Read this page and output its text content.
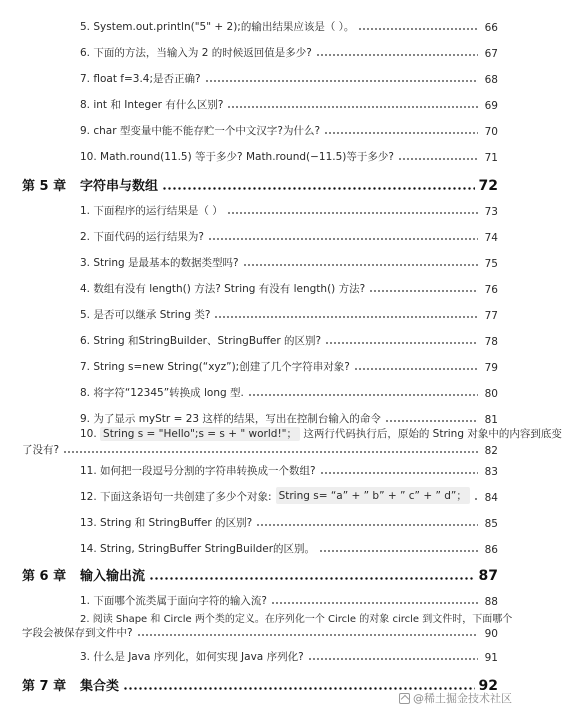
5. System.out.println("5" + 2);的输出结果应该是（ ）。	66
6. 下面的方法，当输入为 2 的时候返回值是多少?	67
7. float f=3.4;是否正确?	68
8. int 和 Integer 有什么区别?	69
9. char 型变量中能不能存贮一个中文汉字?为什么?	70
10. Math.round(11.5) 等于多少? Math.round(−11.5)等于多少?	71
第 5 章	字符串与数组	72
1. 下面程序的运行结果是（ ）	73
2. 下面代码的运行结果为?	74
3. String 是最基本的数据类型吗?	75
4. 数组有没有 length() 方法? String 有没有 length() 方法?	76
5. 是否可以继承 String 类?	77
6. String 和StringBuilder、StringBuffer 的区别?	78
7. String s=new String(“xyz”);创建了几个字符串对象?	79
8. 将字符“12345”转换成 long 型.	80
9. 为了显示 myStr = 23 这样的结果，写出在控制台输入的命令	81
10. String s = "Hello";s = s + " world!"； 这两行代码执行后，原始的 String 对象中的内容到底变
了没有?	82
11. 如何把一段逗号分割的字符串转换成一个数组?	83
12. 下面这条语句一共创建了多少个对象: String s= “a” + ” b” + ” c” + ” d”； 84
13. String 和 StringBuffer 的区别?	85
14. String, StringBuffer StringBuilder的区别。	86
第 6 章	输入输出流	87
1. 下面哪个流类属于面向字符的输入流?	88
2. 阅读 Shape 和 Circle 两个类的定义。在序列化一个 Circle 的对象 circle 到文件时，下面哪个
字段会被保存到文件中?	90
3. 什么是 Java 序列化，如何实现 Java 序列化?	91
第 7 章	集合类	92
@稀土掘金技术社区
